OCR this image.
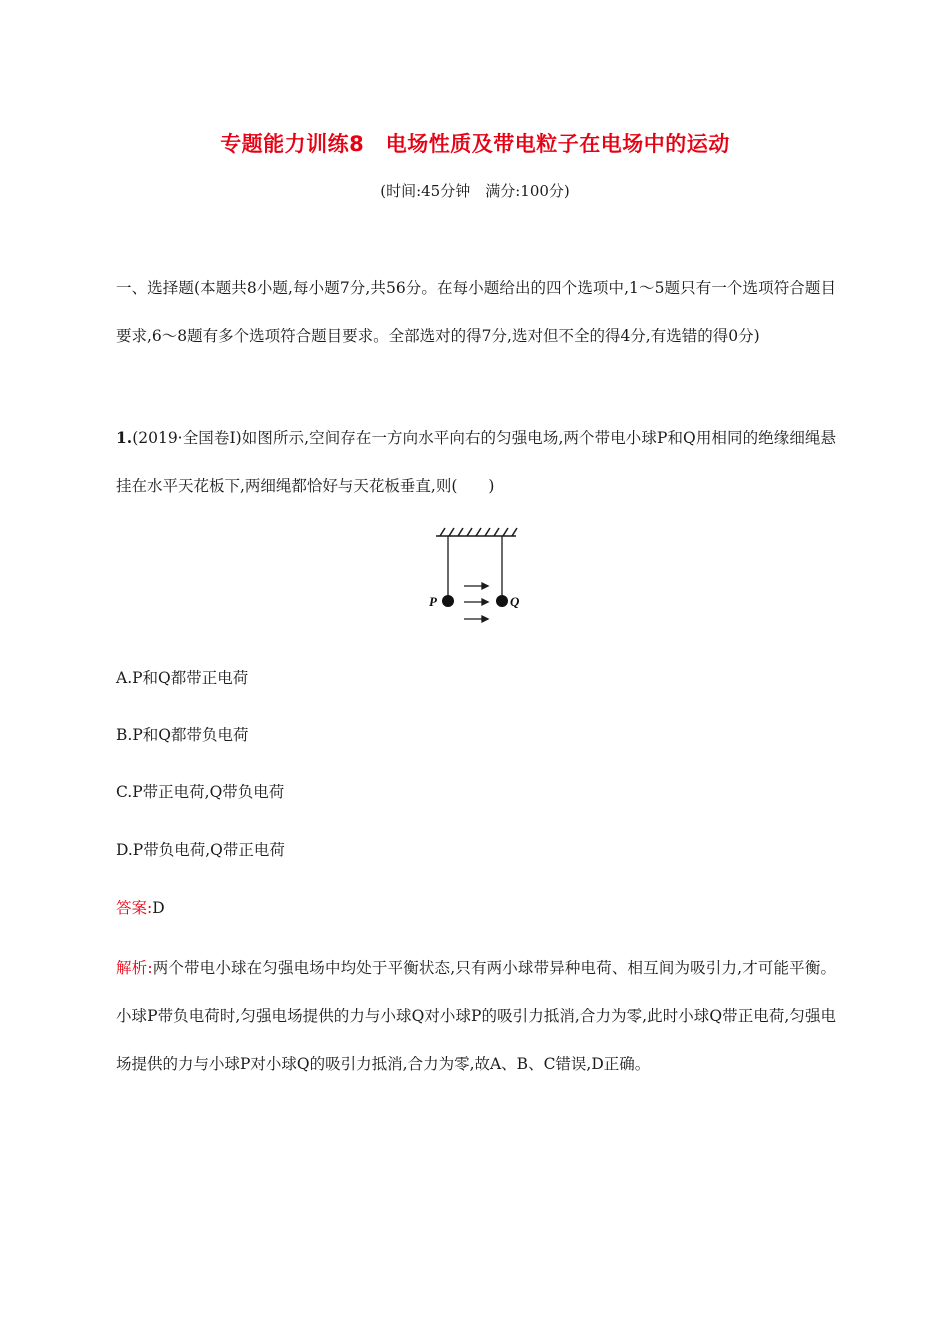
专题能力训练8　电场性质及带电粒子在电场中的运动
(时间:45分钟　满分:100分)
一、选择题(本题共8小题,每小题7分,共56分。在每小题给出的四个选项中,1～5题只有一个选项符合题目要求,6～8题有多个选项符合题目要求。全部选对的得7分,选对但不全的得4分,有选错的得0分)
1.(2019·全国卷Ⅰ)如图所示,空间存在一方向水平向右的匀强电场,两个带电小球P和Q用相同的绝缘细绳悬挂在水平天花板下,两细绳都恰好与天花板垂直,则(　　)
P	Q
A.P和Q都带正电荷
B.P和Q都带负电荷
C.P带正电荷,Q带负电荷
D.P带负电荷,Q带正电荷
答案:D
解析:两个带电小球在匀强电场中均处于平衡状态,只有两小球带异种电荷、相互间为吸引力,才可能平衡。小球P带负电荷时,匀强电场提供的力与小球Q对小球P的吸引力抵消,合力为零,此时小球Q带正电荷,匀强电场提供的力与小球P对小球Q的吸引力抵消,合力为零,故A、B、C错误,D正确。
